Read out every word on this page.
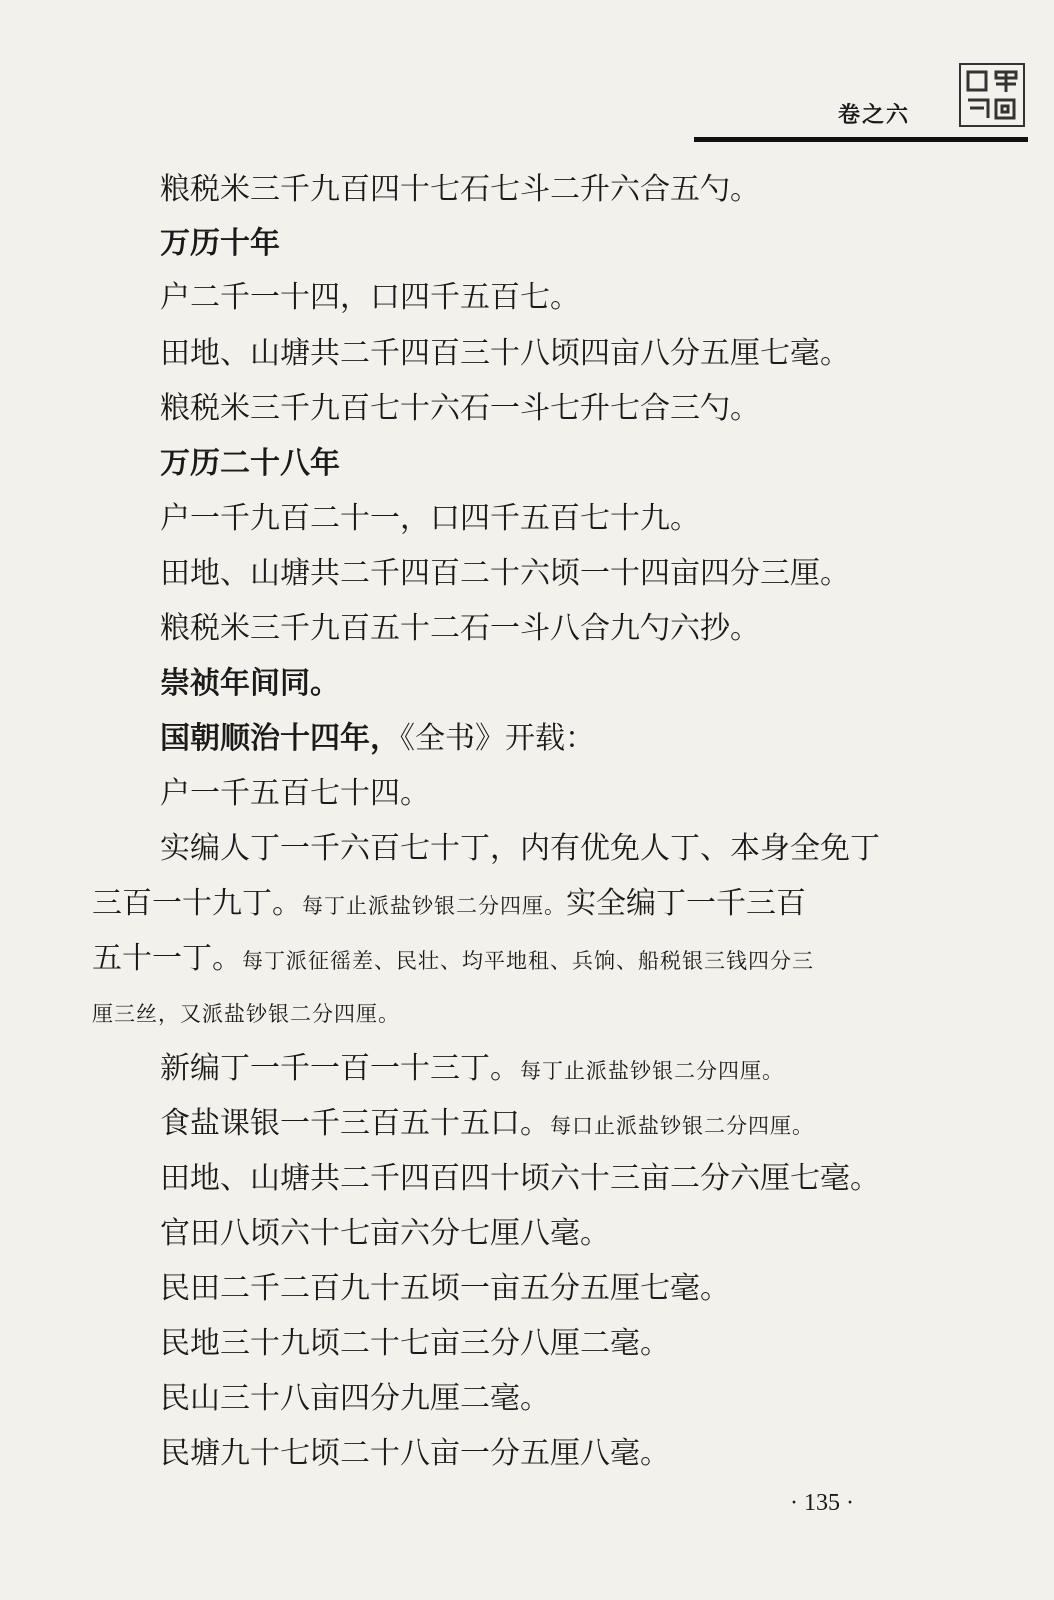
卷之六
粮税米三千九百四十七石七斗二升六合五勺。
万历十年
户二千一十四，口四千五百七。
田地、山塘共二千四百三十八顷四亩八分五厘七毫。
粮税米三千九百七十六石一斗七升七合三勺。
万历二十八年
户一千九百二十一，口四千五百七十九。
田地、山塘共二千四百二十六顷一十四亩四分三厘。
粮税米三千九百五十二石一斗八合九勺六抄。
崇祯年间同。
国朝顺治十四年，《全书》开载：
户一千五百七十四。
实编人丁一千六百七十丁，内有优免人丁、本身全免丁
三百一十九丁。每丁止派盐钞银二分四厘。实全编丁一千三百
五十一丁。每丁派征徭差、民壮、均平地租、兵饷、船税银三钱四分三
厘三丝，又派盐钞银二分四厘。
新编丁一千一百一十三丁。每丁止派盐钞银二分四厘。
食盐课银一千三百五十五口。每口止派盐钞银二分四厘。
田地、山塘共二千四百四十顷六十三亩二分六厘七毫。
官田八顷六十七亩六分七厘八毫。
民田二千二百九十五顷一亩五分五厘七毫。
民地三十九顷二十七亩三分八厘二毫。
民山三十八亩四分九厘二毫。
民塘九十七顷二十八亩一分五厘八毫。
· 135 ·
